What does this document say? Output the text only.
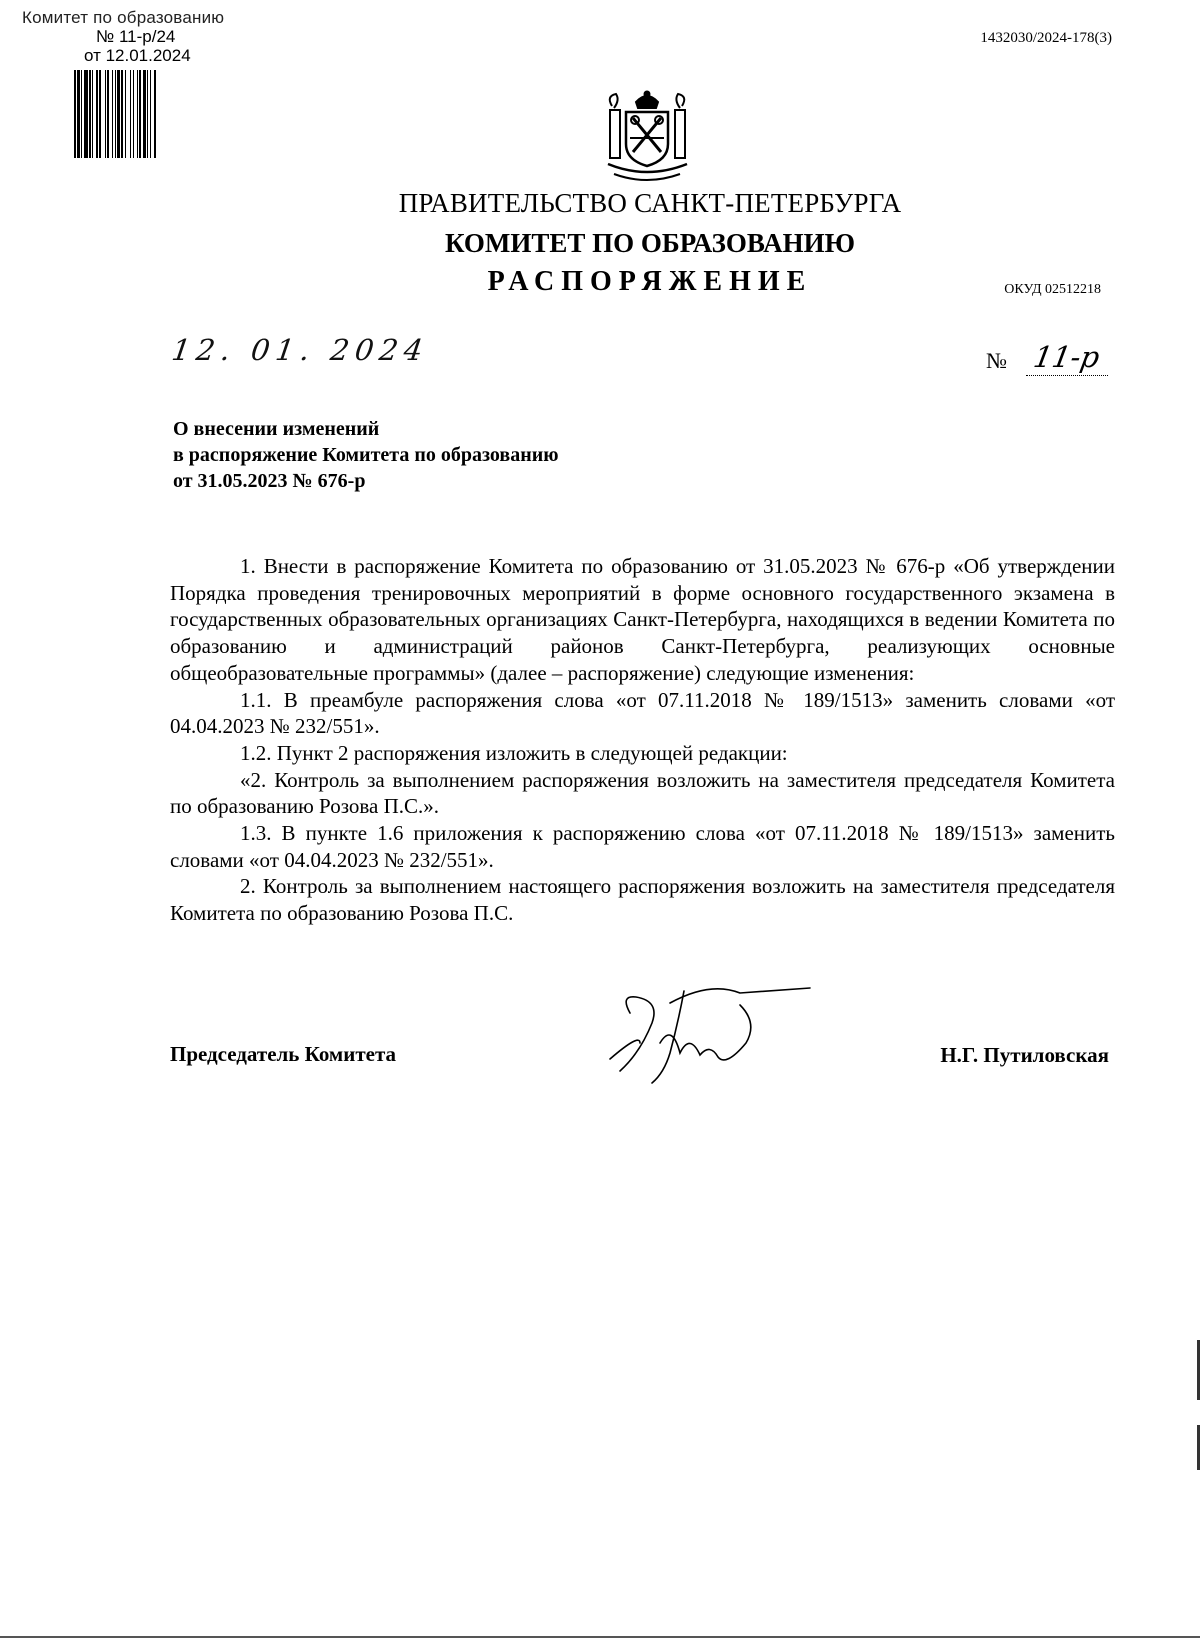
Комитет по образованию
№ 11-р/24
от 12.01.2024
1432030/2024-178(3)
ПРАВИТЕЛЬСТВО САНКТ-ПЕТЕРБУРГА
КОМИТЕТ ПО ОБРАЗОВАНИЮ
РАСПОРЯЖЕНИЕ	ОКУД 02512218
12. 01. 2024	№ 11-р
О внесении изменений
в распоряжение Комитета по образованию
от 31.05.2023 № 676-р

1. Внести в распоряжение Комитета по образованию от 31.05.2023 № 676-р «Об утверждении Порядка проведения тренировочных мероприятий в форме основного государственного экзамена в государственных образовательных организациях Санкт-Петербурга, находящихся в ведении Комитета по образованию и администраций районов Санкт-Петербурга, реализующих основные общеобразовательные программы» (далее – распоряжение) следующие изменения:

1.1. В преамбуле распоряжения слова «от 07.11.2018 № 189/1513» заменить словами «от 04.04.2023 № 232/551».

1.2. Пункт 2 распоряжения изложить в следующей редакции:

«2. Контроль за выполнением распоряжения возложить на заместителя председателя Комитета по образованию Розова П.С.».

1.3. В пункте 1.6 приложения к распоряжению слова «от 07.11.2018 № 189/1513» заменить словами «от 04.04.2023 № 232/551».

2. Контроль за выполнением настоящего распоряжения возложить на заместителя председателя Комитета по образованию Розова П.С.

Председатель Комитета	Н.Г. Путиловская
